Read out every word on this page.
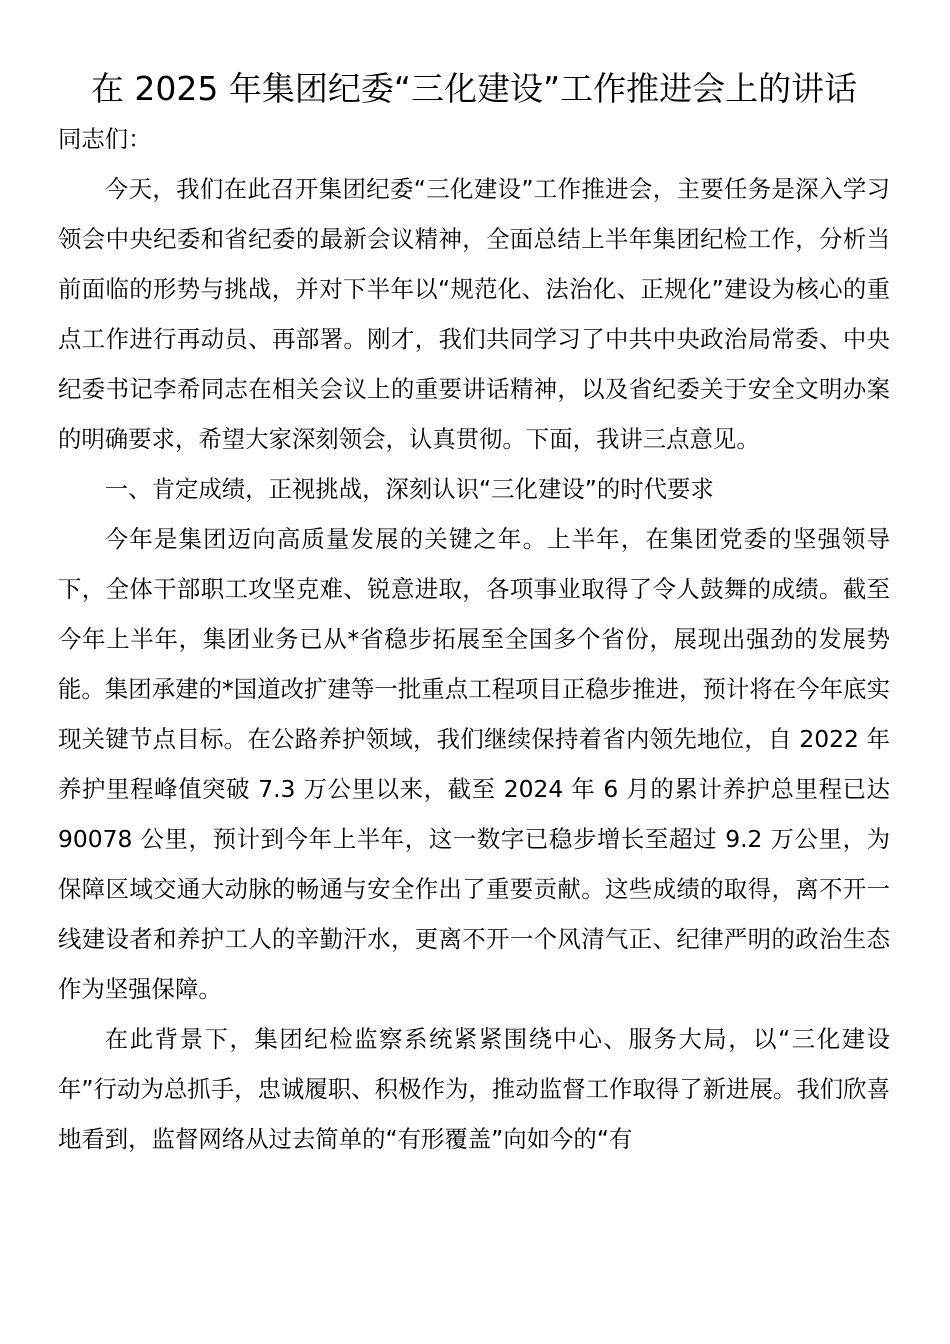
在 2025 年集团纪委“三化建设”工作推进会上的讲话

同志们：

今天，我们在此召开集团纪委“三化建设”工作推进会，主要任务是深入学习领会中央纪委和省纪委的最新会议精神，全面总结上半年集团纪检工作，分析当前面临的形势与挑战，并对下半年以“规范化、法治化、正规化”建设为核心的重点工作进行再动员、再部署。刚才，我们共同学习了中共中央政治局常委、中央纪委书记李希同志在相关会议上的重要讲话精神，以及省纪委关于安全文明办案的明确要求，希望大家深刻领会，认真贯彻。下面，我讲三点意见。

一、肯定成绩，正视挑战，深刻认识“三化建设”的时代要求

今年是集团迈向高质量发展的关键之年。上半年，在集团党委的坚强领导下，全体干部职工攻坚克难、锐意进取，各项事业取得了令人鼓舞的成绩。截至今年上半年，集团业务已从*省稳步拓展至全国多个省份，展现出强劲的发展势能。集团承建的*国道改扩建等一批重点工程项目正稳步推进，预计将在今年底实现关键节点目标。在公路养护领域，我们继续保持着省内领先地位，自 2022 年养护里程峰值突破 7.3 万公里以来，截至 2024 年 6 月的累计养护总里程已达 90078 公里，预计到今年上半年，这一数字已稳步增长至超过 9.2 万公里，为保障区域交通大动脉的畅通与安全作出了重要贡献。这些成绩的取得，离不开一线建设者和养护工人的辛勤汗水，更离不开一个风清气正、纪律严明的政治生态作为坚强保障。

在此背景下，集团纪检监察系统紧紧围绕中心、服务大局，以“三化建设年”行动为总抓手，忠诚履职、积极作为，推动监督工作取得了新进展。我们欣喜地看到，监督网络从过去简单的“有形覆盖”向如今的“有
